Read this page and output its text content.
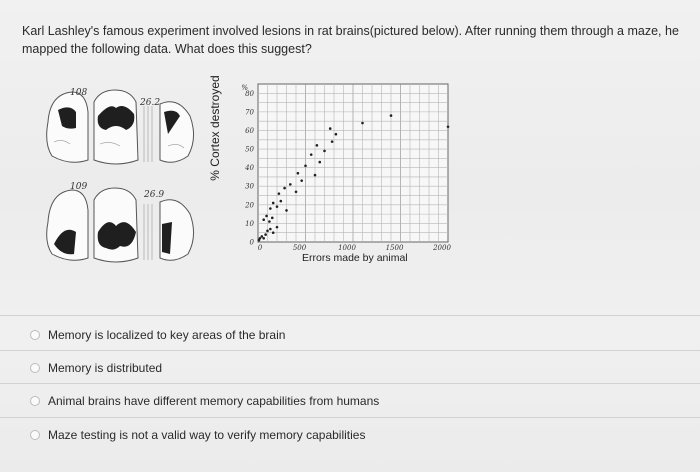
Karl Lashley's famous experiment involved lesions in rat brains(pictured below). After running them through a maze, he mapped the following data. What does this suggest?
108
26.2
109
26.9
% Cortex destroyed
0
10
20
30
40
50
60
70
80
%
0	500	1000	1500	2000
Errors made by animal
Memory is localized to key areas of the brain
Memory is distributed
Animal brains have different memory capabilities from humans
Maze testing is not a valid way to verify memory capabilities
